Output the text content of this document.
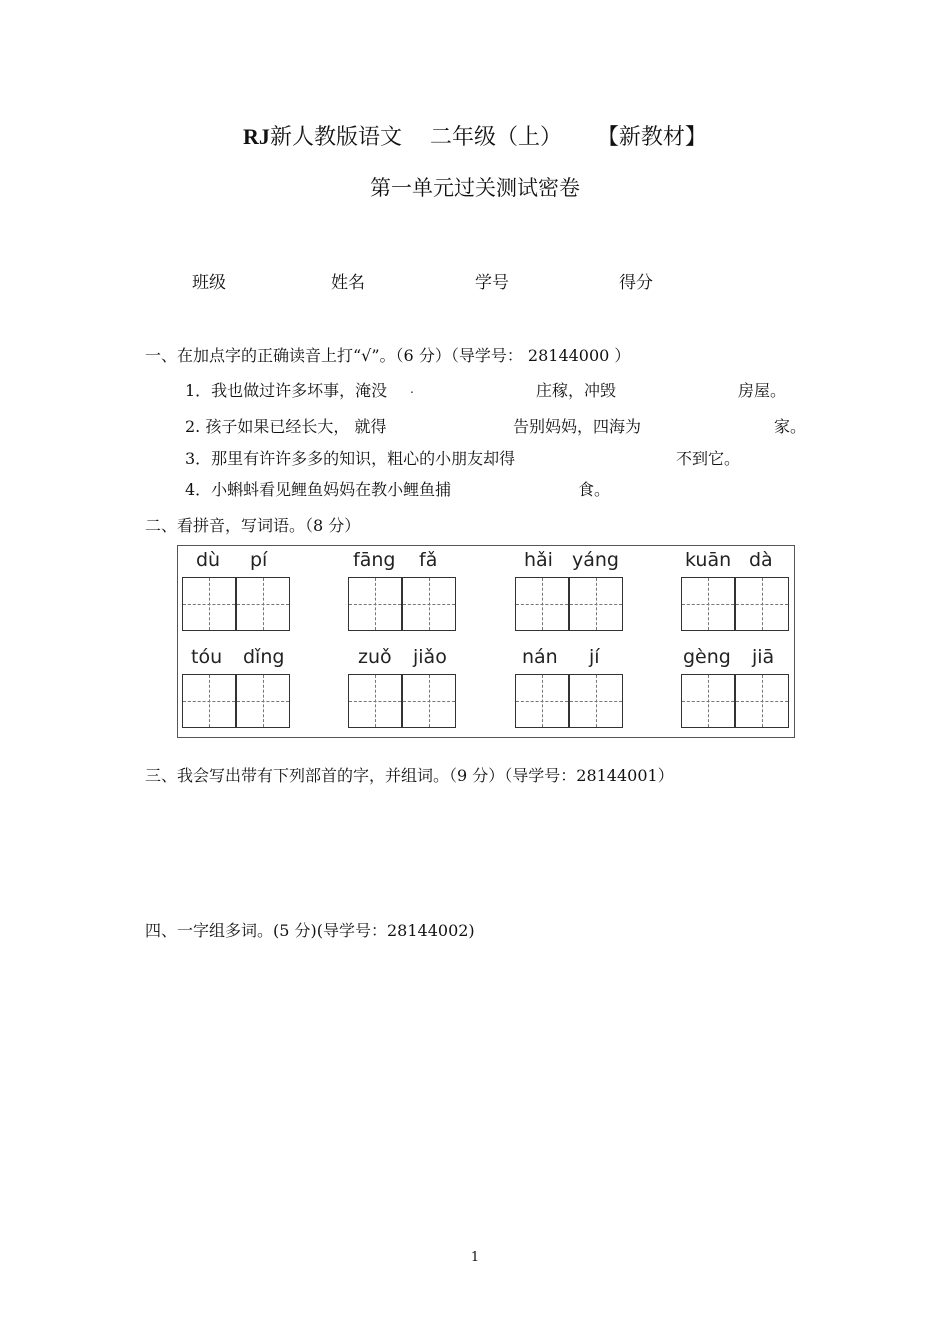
RJ新人教版语文 二年级（上） 【新教材】
第一单元过关测试密卷
班级	姓名	学号	得分
一、在加点字的正确读音上打“√”。（6 分）（导学号： 28144000 ）
1．我也做过许多坏事，淹没 .	庄稼，冲毁	房屋。
2. 孩子如果已经长大， 就得	告别妈妈，四海为	家。
3．那里有许许多多的知识，粗心的小朋友却得	不到它。
4．小蝌蚪看见鲤鱼妈妈在教小鲤鱼捕	食。
二、看拼音，写词语。（8 分）
dù pí	fāng fǎ	hǎi yáng	kuān dà
tóu dǐng	zuǒ jiǎo	nán jí	gèng jiā
三、我会写出带有下列部首的字，并组词。（9 分）（导学号：28144001）
四、一字组多词。(5 分)(导学号：28144002)
1
